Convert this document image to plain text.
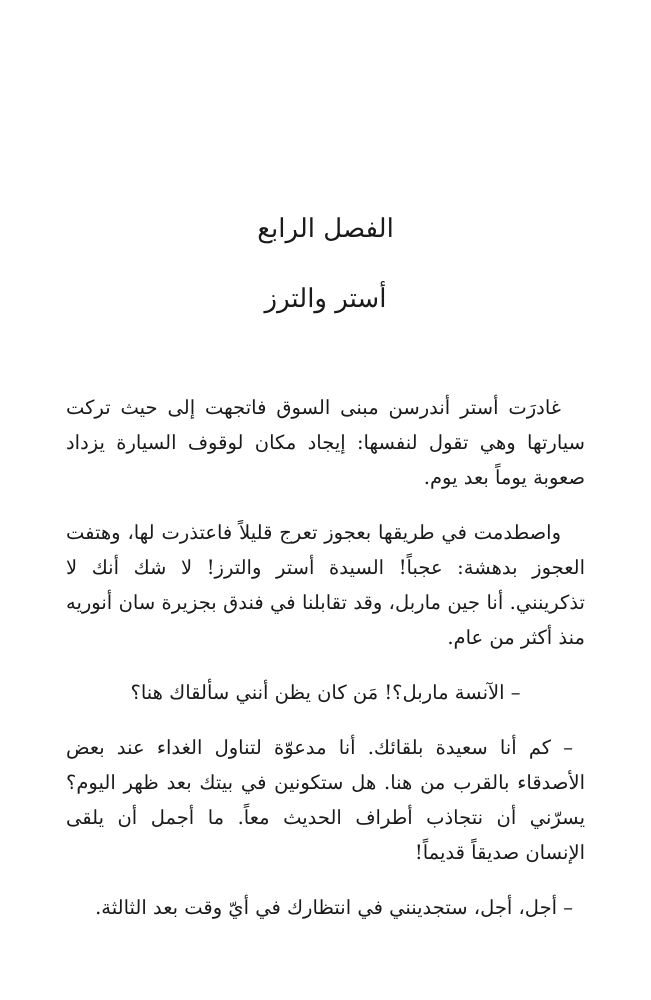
الفصل الرابع
أستر والترز

غادرَت أستر أندرسن مبنى السوق فاتجهت إلى حيث تركت سيارتها وهي تقول لنفسها: إيجاد مكان لوقوف السيارة يزداد صعوبة يوماً بعد يوم.

واصطدمت في طريقها بعجوز تعرج قليلاً فاعتذرت لها، وهتفت العجوز بدهشة: عجباً! السيدة أستر والترز! لا شك أنك لا تذكرينني. أنا جين ماربل، وقد تقابلنا في فندق بجزيرة سان أنوريه منذ أكثر من عام.

– الآنسة ماربل؟! مَن كان يظن أنني سألقاك هنا؟

– كم أنا سعيدة بلقائك. أنا مدعوّة لتناول الغداء عند بعض الأصدقاء بالقرب من هنا. هل ستكونين في بيتك بعد ظهر اليوم؟ يسرّني أن نتجاذب أطراف الحديث معاً. ما أجمل أن يلقى الإنسان صديقاً قديماً!

– أجل، أجل، ستجدينني في انتظارك في أيّ وقت بعد الثالثة.
